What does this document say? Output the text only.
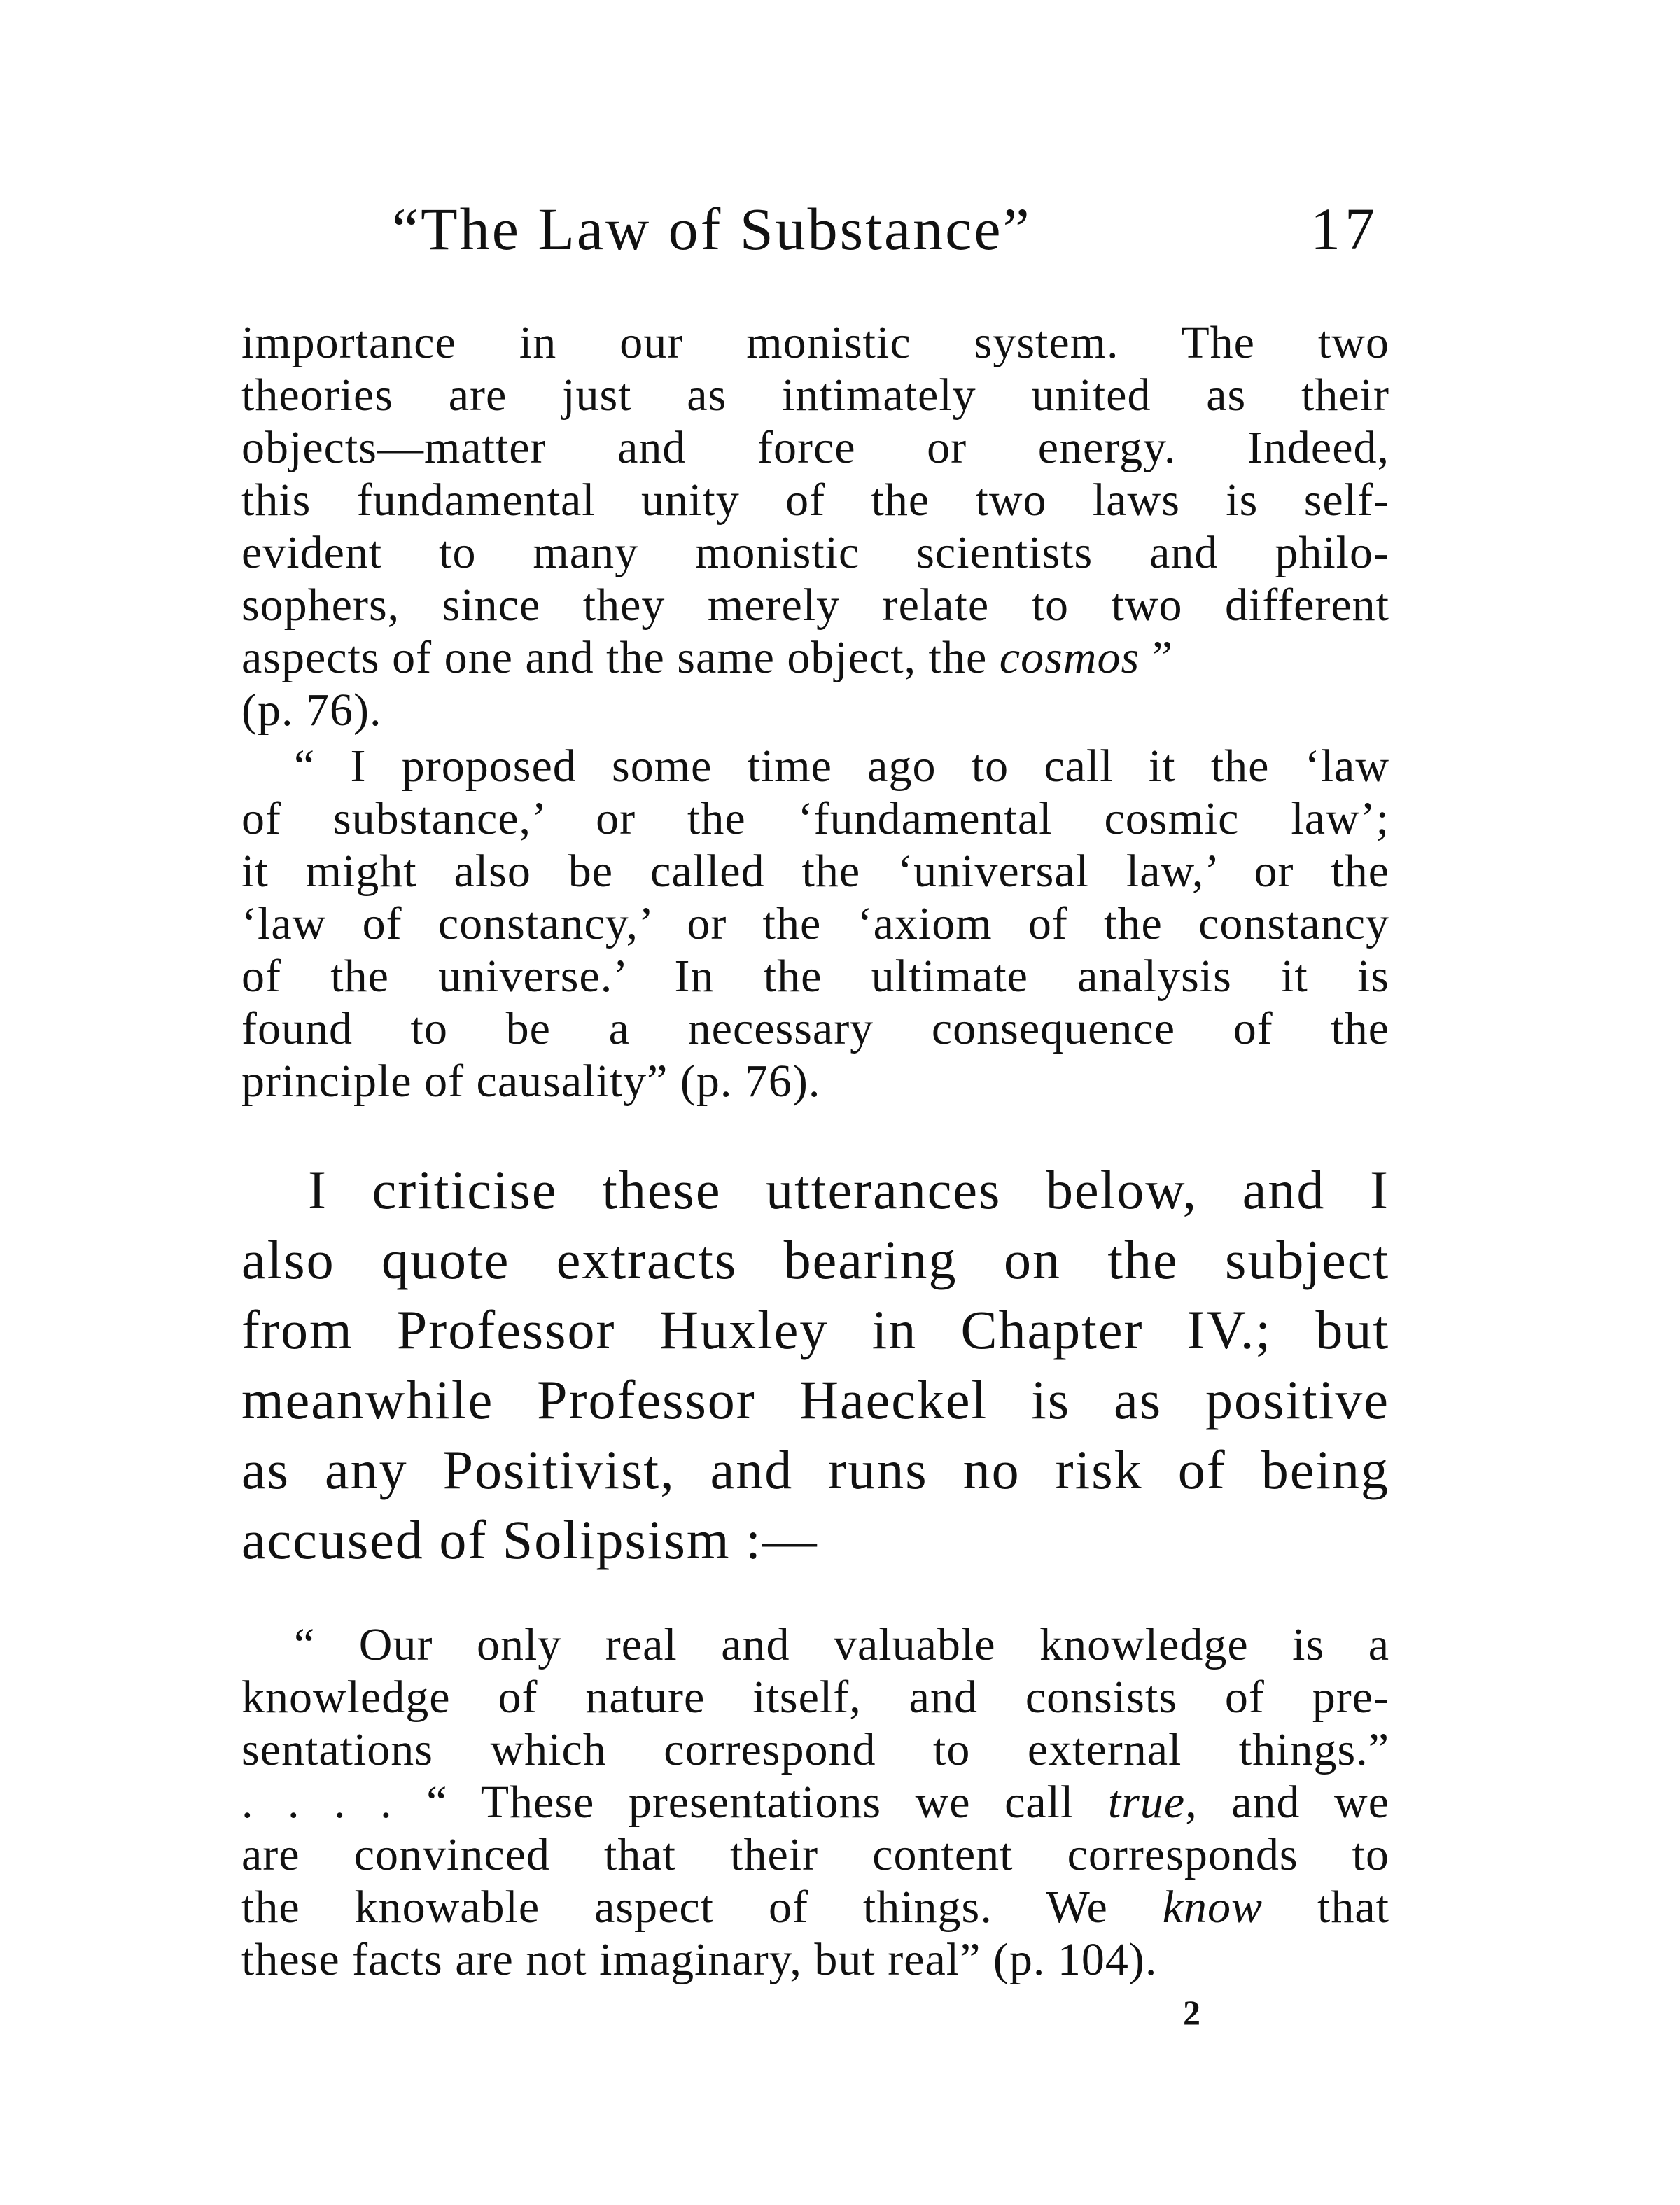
“The Law of Substance”	17

importance in our monistic system. The two

theories are just as intimately united as their

objects—matter and force or energy. Indeed,

this fundamental unity of the two laws is self-

evident to many monistic scientists and philo-

sophers, since they merely relate to two different

aspects of one and the same object, the cosmos ”

(p. 76).

“ I proposed some time ago to call it the ‘law

of substance,’ or the ‘fundamental cosmic law’;

it might also be called the ‘universal law,’ or the

‘law of constancy,’ or the ‘axiom of the constancy

of the universe.’ In the ultimate analysis it is

found to be a necessary consequence of the

principle of causality” (p. 76).

I criticise these utterances below, and I

also quote extracts bearing on the subject

from Professor Huxley in Chapter IV.; but

meanwhile Professor Haeckel is as positive

as any Positivist, and runs no risk of being

accused of Solipsism :—

“ Our only real and valuable knowledge is a

knowledge of nature itself, and consists of pre-

sentations which correspond to external things.”

. . . . “ These presentations we call true, and we

are convinced that their content corresponds to

the knowable aspect of things. We know that

these facts are not imaginary, but real” (p. 104).

2
